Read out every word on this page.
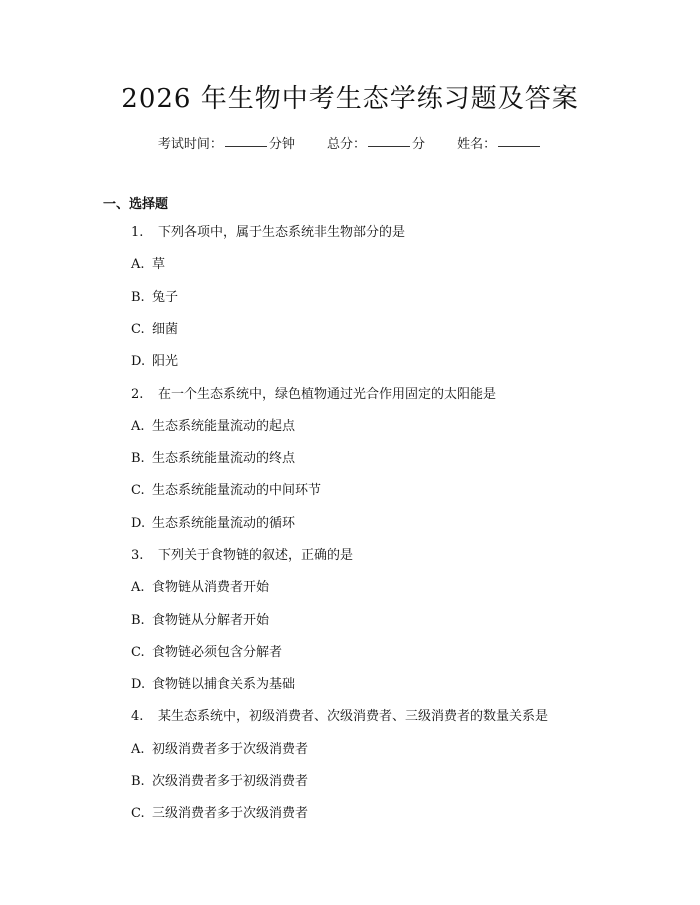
2026 年生物中考生态学练习题及答案
考试时间：	分钟 总分：	分 姓名：
一、选择题
1. 下列各项中，属于生态系统非生物部分的是
A. 草
B. 兔子
C. 细菌
D. 阳光
2. 在一个生态系统中，绿色植物通过光合作用固定的太阳能是
A. 生态系统能量流动的起点
B. 生态系统能量流动的终点
C. 生态系统能量流动的中间环节
D. 生态系统能量流动的循环
3. 下列关于食物链的叙述，正确的是
A. 食物链从消费者开始
B. 食物链从分解者开始
C. 食物链必须包含分解者
D. 食物链以捕食关系为基础
4. 某生态系统中，初级消费者、次级消费者、三级消费者的数量关系是
A. 初级消费者多于次级消费者
B. 次级消费者多于初级消费者
C. 三级消费者多于次级消费者
